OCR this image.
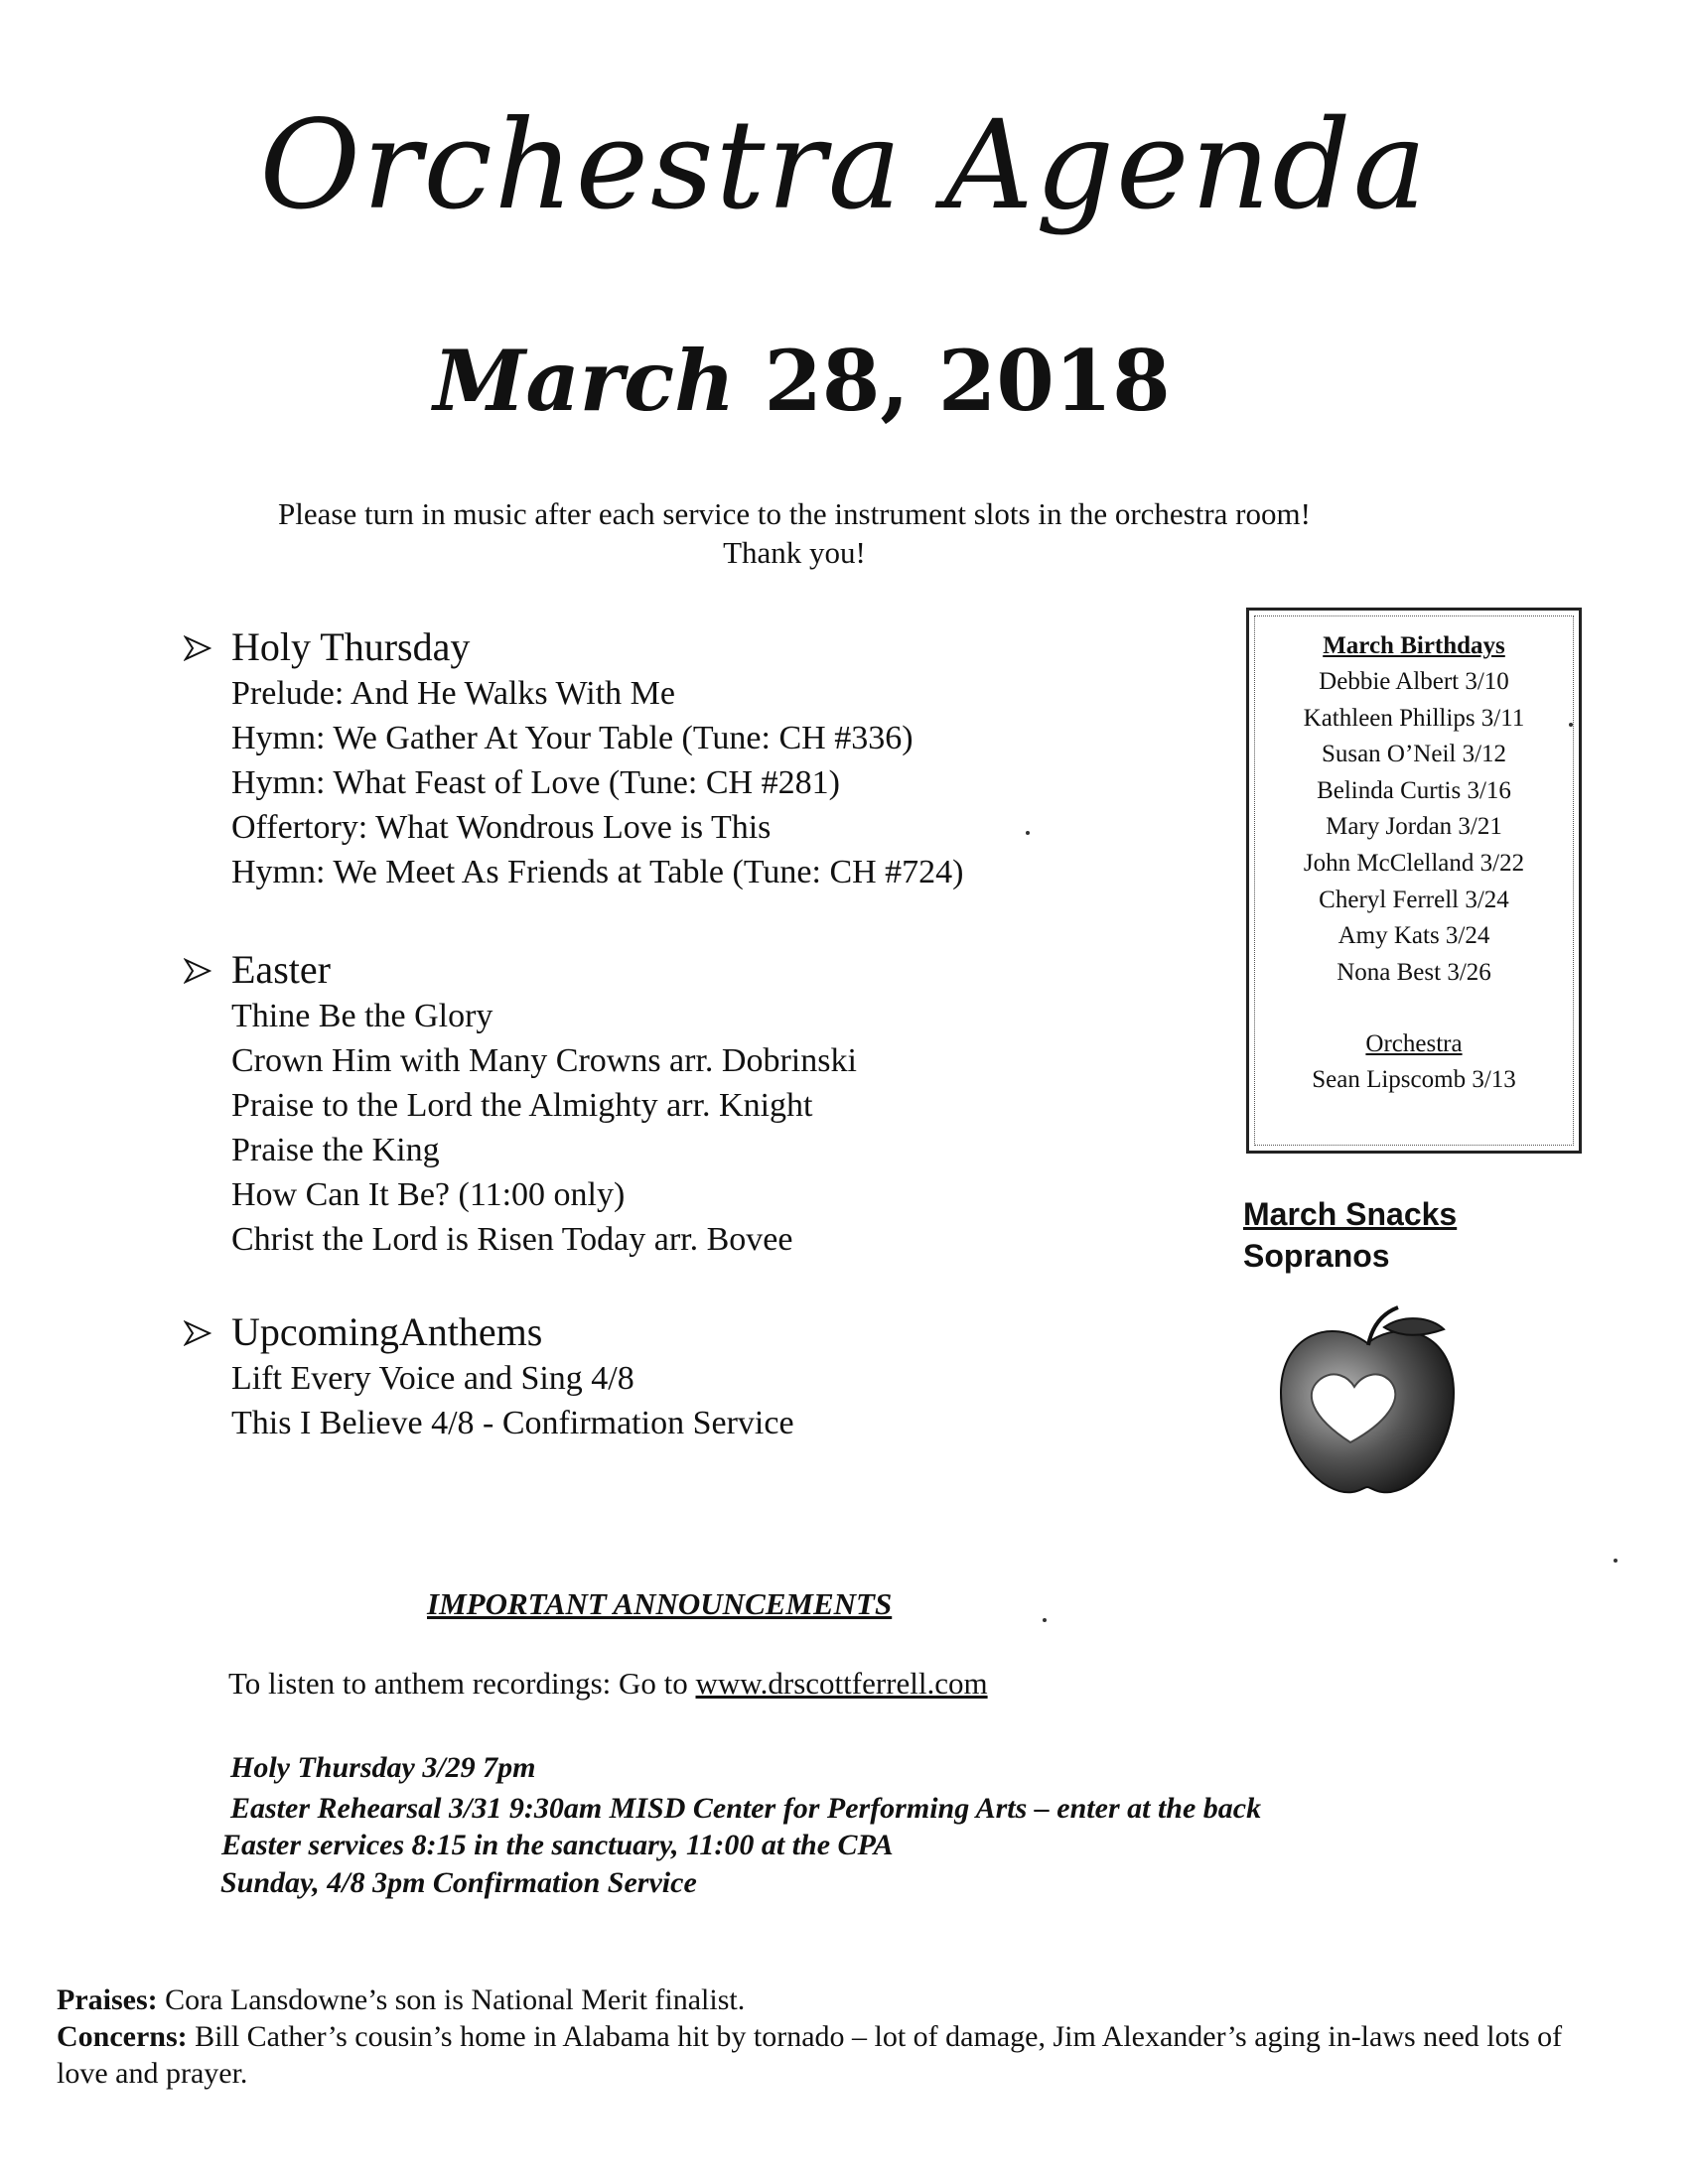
Orchestra Agenda
March 28, 2018
Please turn in music after each service to the instrument slots in the orchestra room!
Thank you!
Holy Thursday
Prelude: And He Walks With Me
Hymn: We Gather At Your Table (Tune: CH #336)
Hymn: What Feast of Love (Tune: CH #281)
Offertory: What Wondrous Love is This
Hymn: We Meet As Friends at Table (Tune: CH #724)
Easter
Thine Be the Glory
Crown Him with Many Crowns arr. Dobrinski
Praise to the Lord the Almighty arr. Knight
Praise the King
How Can It Be? (11:00 only)
Christ the Lord is Risen Today arr. Bovee
UpcomingAnthems
Lift Every Voice and Sing 4/8
This I Believe 4/8 - Confirmation Service
March Birthdays
Debbie Albert 3/10
Kathleen Phillips 3/11
Susan O’Neil 3/12
Belinda Curtis 3/16
Mary Jordan 3/21
John McClelland 3/22
Cheryl Ferrell 3/24
Amy Kats 3/24
Nona Best 3/26
Orchestra
Sean Lipscomb 3/13
March Snacks
Sopranos
IMPORTANT ANNOUNCEMENTS
To listen to anthem recordings: Go to www.drscottferrell.com
Holy Thursday 3/29 7pm
Easter Rehearsal 3/31 9:30am MISD Center for Performing Arts – enter at the back
Easter services 8:15 in the sanctuary, 11:00 at the CPA
Sunday, 4/8 3pm Confirmation Service
Praises: Cora Lansdowne’s son is National Merit finalist.
Concerns: Bill Cather’s cousin’s home in Alabama hit by tornado – lot of damage, Jim Alexander’s aging in-laws need lots of love and prayer.
